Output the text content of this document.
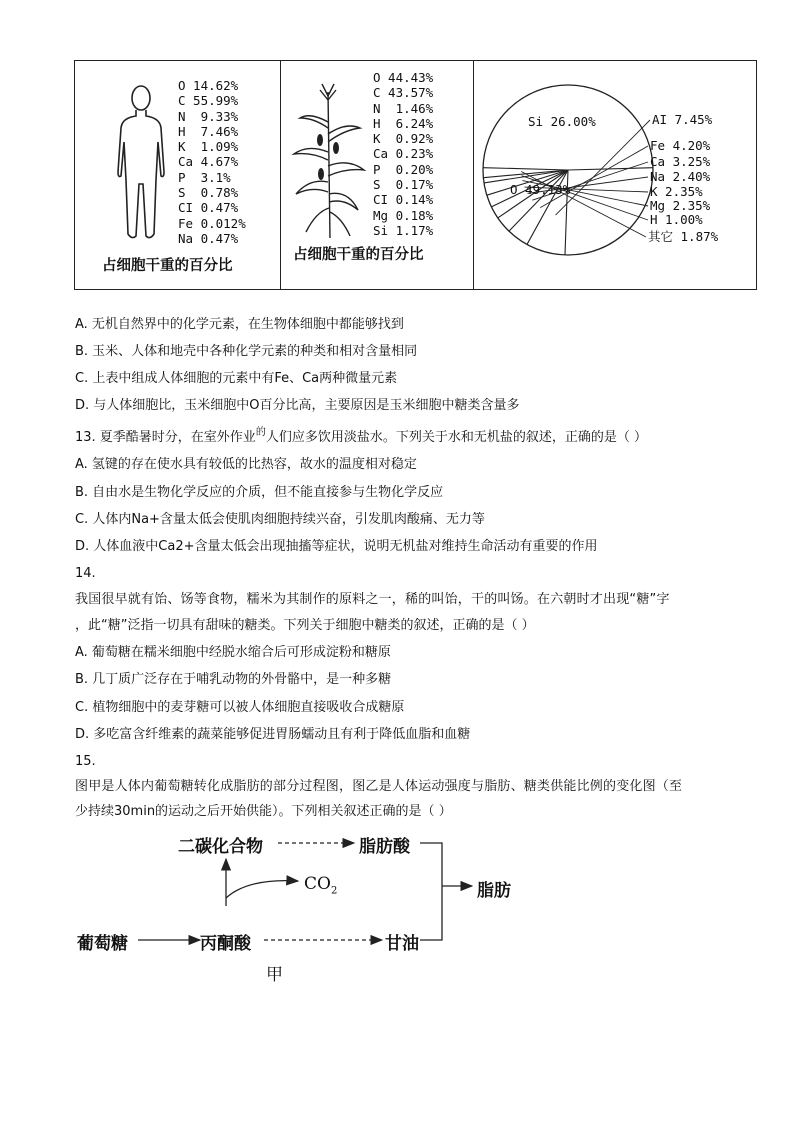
O 14.62%
C 55.99%
N  9.33%
H  7.46%
K  1.09%
Ca 4.67%
P  3.1%
S  0.78%
CI 0.47%
Fe 0.012%
Na 0.47%
占细胞干重的百分比
O 44.43%
C 43.57%
N  1.46%
H  6.24%
K  0.92%
Ca 0.23%
P  0.20%
S  0.17%
CI 0.14%
Mg 0.18%
Si 1.17%
占细胞干重的百分比
O 49.13%
Si 26.00%	AI 7.45%
Fe 4.20%
Ca 3.25%
Na 2.40%
K 2.35%
Mg 2.35%
H 1.00%
其它 1.87%
A. 无机自然界中的化学元素，在生物体细胞中都能够找到
B. 玉米、人体和地壳中各种化学元素的种类和相对含量相同
C. 上表中组成人体细胞的元素中有Fe、Ca两种微量元素
D. 与人体细胞比，玉米细胞中O百分比高，主要原因是玉米细胞中糖类含量多
13. 夏季酷暑时分，在室外作业$^的$人们应多饮用淡盐水。下列关于水和无机盐的叙述，正确的是（ ）
A. 氢键的存在使水具有较低的比热容，故水的温度相对稳定
B. 自由水是生物化学反应的介质，但不能直接参与生物化学反应
C. 人体内Na+含量太低会使肌肉细胞持续兴奋，引发肌肉酸痛、无力等
D. 人体血液中Ca2+含量太低会出现抽搐等症状，说明无机盐对维持生命活动有重要的作用
14.
我国很早就有饴、饧等食物，糯米为其制作的原料之一，稀的叫饴，干的叫饧。在六朝时才出现“糖”字
，此“糖”泛指一切具有甜味的糖类。下列关于细胞中糖类的叙述，正确的是（ ）
A. 葡萄糖在糯米细胞中经脱水缩合后可形成淀粉和糖原
B. 几丁质广泛存在于哺乳动物的外骨骼中，是一种多糖
C. 植物细胞中的麦芽糖可以被人体细胞直接吸收合成糖原
D. 多吃富含纤维素的蔬菜能够促进胃肠蠕动且有利于降低血脂和血糖
15.
图甲是人体内葡萄糖转化成脂肪的部分过程图，图乙是人体运动强度与脂肪、糖类供能比例的变化图（至
少持续30min的运动之后开始供能）。下列相关叙述正确的是（ ）
二碳化合物	脂肪酸
$CO_2$	脂肪
葡萄糖	丙酮酸	甘油
甲
